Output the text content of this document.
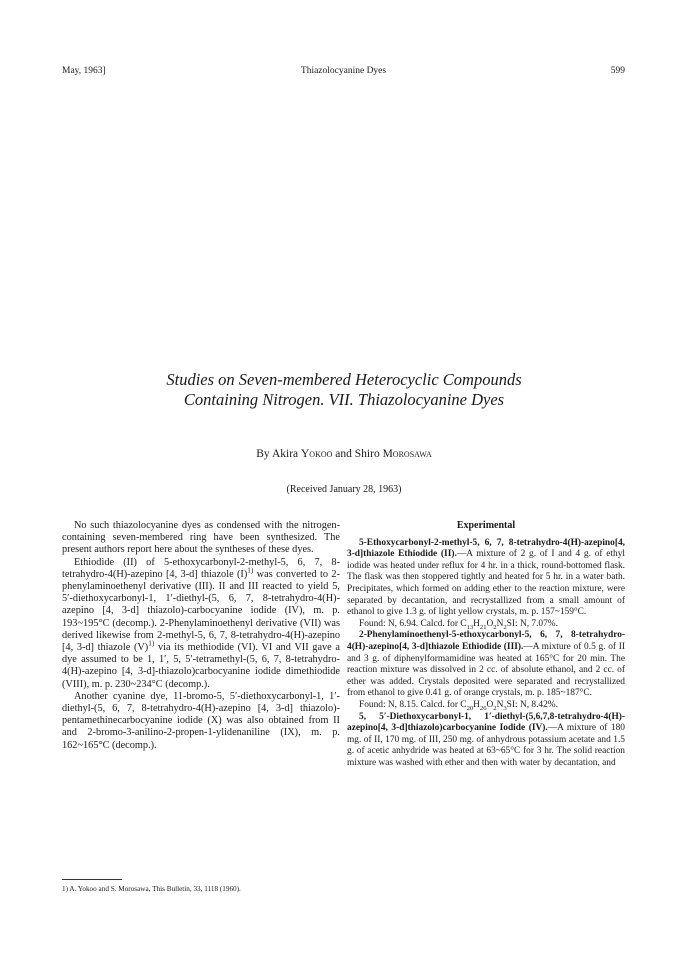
May, 1963]	Thiazolocyanine Dyes	599
Studies on Seven-membered Heterocyclic Compounds
Containing Nitrogen. VII. Thiazolocyanine Dyes
By Akira Yokoo and Shiro Morosawa
(Received January 28, 1963)

No such thiazolocyanine dyes as condensed with the nitrogen-containing seven-membered ring have been synthesized. The present authors report here about the syntheses of these dyes.

Ethiodide (II) of 5-ethoxycarbonyl-2-methyl-5, 6, 7, 8-tetrahydro-4(H)-azepino [4, 3-d] thiazole $(I)^{1)}$ was converted to 2-phenylaminoethenyl derivative (III). II and III reacted to yield 5, 5′-diethoxycarbonyl-1, 1′-diethyl-(5, 6, 7, 8-tetrahydro-4(H)-azepino [4, 3-d] thiazolo)-carbocyanine iodide (IV), m. p. 193~195°C (decomp.). 2-Phenylaminoethenyl derivative (VII) was derived likewise from 2-methyl-5, 6, 7, 8-tetrahydro-4(H)-azepino [4, 3-d] thiazole $(V)^{1)}$ via its methiodide (VI). VI and VII gave a dye assumed to be 1, 1′, 5, 5′-tetramethyl-(5, 6, 7, 8-tetrahydro-4(H)-azepino [4, 3-d]-thiazolo)carbocyanine iodide dimethiodide (VIII), m. p. 230~234°C (decomp.).

Another cyanine dye, 11-bromo-5, 5′-diethoxycarbonyl-1, 1′-diethyl-(5, 6, 7, 8-tetrahydro-4(H)-azepino [4, 3-d] thiazolo)-pentamethinecarbocyanine iodide (X) was also obtained from II and 2-bromo-3-anilino-2-propen-1-ylidenaniline (IX), m. p. 162~165°C (decomp.).

1) A. Yokoo and S. Morosawa, This Bulletin, 33, 1118 (1960).

Experimental

5-Ethoxycarbonyl-2-methyl-5, 6, 7, 8-tetrahydro-4(H)-azepino[4, 3-d]thiazole Ethiodide (II).—A mixture of 2 g. of I and 4 g. of ethyl iodide was heated under reflux for 4 hr. in a thick, round-bottomed flask. The flask was then stoppered tightly and heated for 5 hr. in a water bath. Precipitates, which formed on adding ether to the reaction mixture, were separated by decantation, and recrystallized from a small amount of ethanol to give 1.3 g. of light yellow crystals, m. p. 157~159°C.

Found: N, 6.94. Calcd. for $C_{13}H_{21}O_2N_2SI$: N, 7.07%.

2-Phenylaminoethenyl-5-ethoxycarbonyl-5, 6, 7, 8-tetrahydro-4(H)-azepino[4, 3-d]thiazole Ethiodide (III).—A mixture of 0.5 g. of II and 3 g. of diphenylformamidine was heated at 165°C for 20 min. The reaction mixture was dissolved in 2 cc. of absolute ethanol, and 2 cc. of ether was added. Crystals deposited were separated and recrystallized from ethanol to give 0.41 g. of orange crystals, m. p. 185~187°C.

Found: N, 8.15. Calcd. for $C_{20}H_{26}O_2N_3SI$: N, 8.42%.

5, 5′-Diethoxycarbonyl-1, 1′-diethyl-(5,6,7,8-tetrahydro-4(H)-azepino[4, 3-d]thiazolo)carbocyanine Iodide (IV).—A mixture of 180 mg. of II, 170 mg. of III, 250 mg. of anhydrous potassium acetate and 1.5 g. of acetic anhydride was heated at 63~65°C for 3 hr. The solid reaction mixture was washed with ether and then with water by decantation, and
